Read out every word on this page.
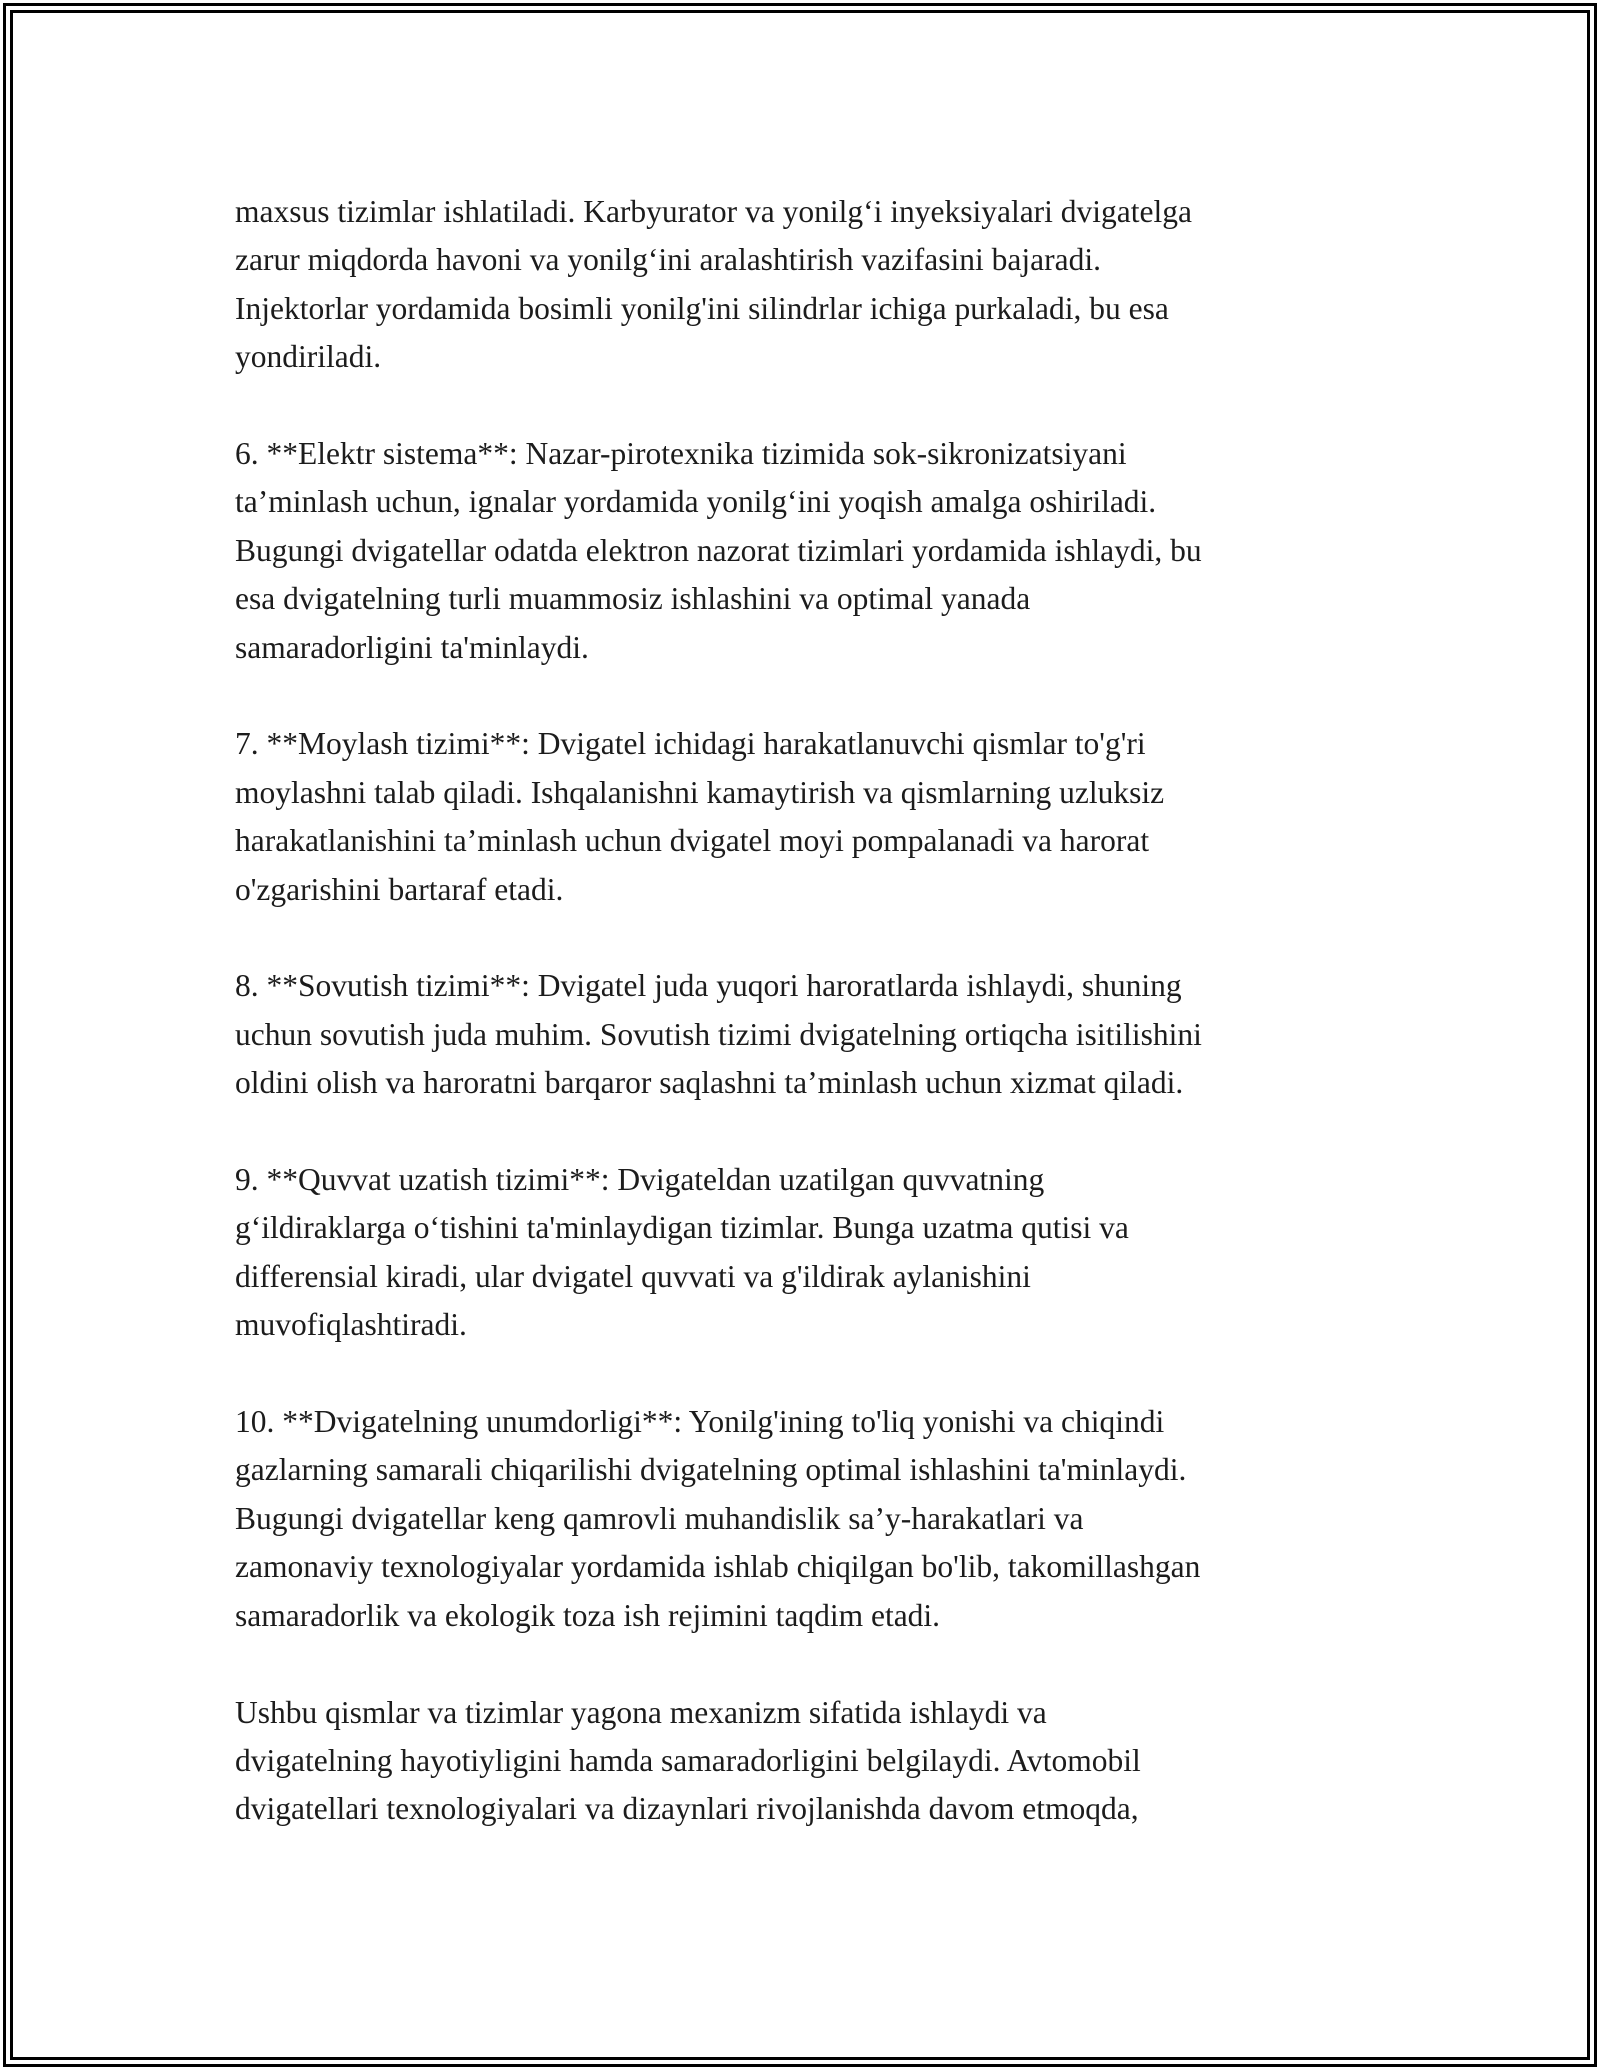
maxsus tizimlar ishlatiladi. Karbyurator va yonilg‘i inyeksiyalari dvigatelga
zarur miqdorda havoni va yonilg‘ini aralashtirish vazifasini bajaradi.
Injektorlar yordamida bosimli yonilg'ini silindrlar ichiga purkaladi, bu esa
yondiriladi.

6. **Elektr sistema**: Nazar-pirotexnika tizimida sok-sikronizatsiyani
ta’minlash uchun, ignalar yordamida yonilg‘ini yoqish amalga oshiriladi.
Bugungi dvigatellar odatda elektron nazorat tizimlari yordamida ishlaydi, bu
esa dvigatelning turli muammosiz ishlashini va optimal yanada
samaradorligini ta'minlaydi.

7. **Moylash tizimi**: Dvigatel ichidagi harakatlanuvchi qismlar to'g'ri
moylashni talab qiladi. Ishqalanishni kamaytirish va qismlarning uzluksiz
harakatlanishini ta’minlash uchun dvigatel moyi pompalanadi va harorat
o'zgarishini bartaraf etadi.

8. **Sovutish tizimi**: Dvigatel juda yuqori haroratlarda ishlaydi, shuning
uchun sovutish juda muhim. Sovutish tizimi dvigatelning ortiqcha isitilishini
oldini olish va haroratni barqaror saqlashni ta’minlash uchun xizmat qiladi.

9. **Quvvat uzatish tizimi**: Dvigateldan uzatilgan quvvatning
g‘ildiraklarga o‘tishini ta'minlaydigan tizimlar. Bunga uzatma qutisi va
differensial kiradi, ular dvigatel quvvati va g'ildirak aylanishini
muvofiqlashtiradi.

10. **Dvigatelning unumdorligi**: Yonilg'ining to'liq yonishi va chiqindi
gazlarning samarali chiqarilishi dvigatelning optimal ishlashini ta'minlaydi.
Bugungi dvigatellar keng qamrovli muhandislik sa’y-harakatlari va
zamonaviy texnologiyalar yordamida ishlab chiqilgan bo'lib, takomillashgan
samaradorlik va ekologik toza ish rejimini taqdim etadi.

Ushbu qismlar va tizimlar yagona mexanizm sifatida ishlaydi va
dvigatelning hayotiyligini hamda samaradorligini belgilaydi. Avtomobil
dvigatellari texnologiyalari va dizaynlari rivojlanishda davom etmoqda,
